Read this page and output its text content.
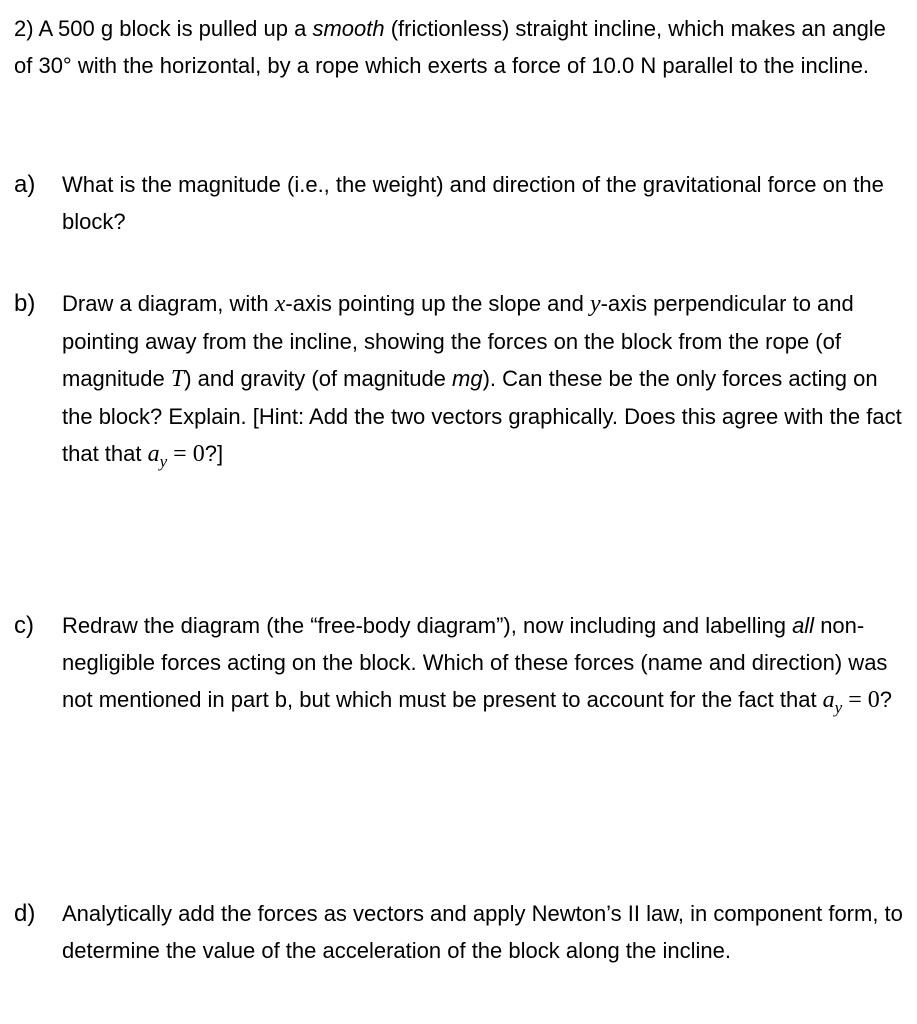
2) A 500 g block is pulled up a smooth (frictionless) straight incline, which makes an angle of 30° with the horizontal, by a rope which exerts a force of 10.0 N parallel to the incline.

a)	What is the magnitude (i.e., the weight) and direction of the gravitational force on the block?

b)	Draw a diagram, with x-axis pointing up the slope and y-axis perpendicular to and pointing away from the incline, showing the forces on the block from the rope (of magnitude T) and gravity (of magnitude mg). Can these be the only forces acting on the block? Explain. [Hint: Add the two vectors graphically. Does this agree with the fact that that $a_y$ = 0?]

c)	Redraw the diagram (the “free-body diagram”), now including and labelling all non-negligible forces acting on the block. Which of these forces (name and direction) was not mentioned in part b, but which must be present to account for the fact that $a_y = 0$?

d)	Analytically add the forces as vectors and apply Newton’s II law, in component form, to determine the value of the acceleration of the block along the incline.
